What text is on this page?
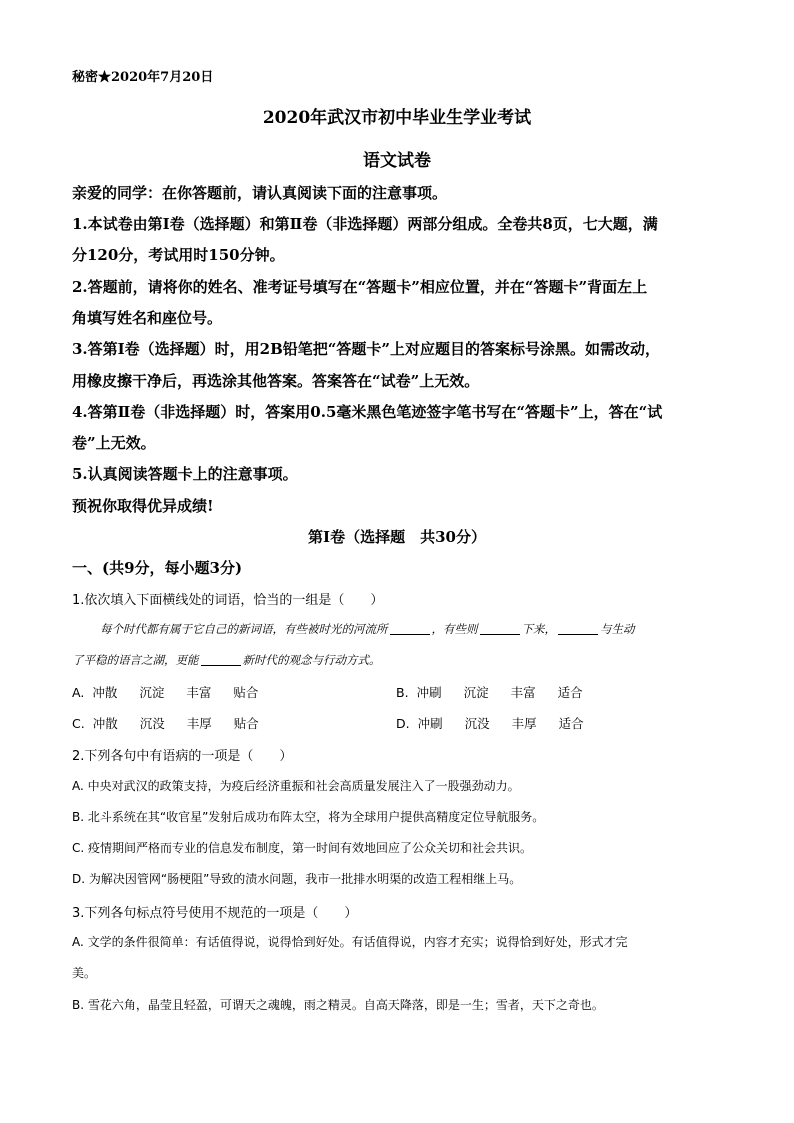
秘密★2020年7月20日
2020年武汉市初中毕业生学业考试
语文试卷
亲爱的同学：在你答题前，请认真阅读下面的注意事项。
1.本试卷由第Ⅰ卷（选择题）和第Ⅱ卷（非选择题）两部分组成。全卷共8页，七大题，满
分120分，考试用时150分钟。
2.答题前，请将你的姓名、准考证号填写在“答题卡”相应位置，并在“答题卡”背面左上
角填写姓名和座位号。
3.答第Ⅰ卷（选择题）时，用2B铅笔把“答题卡”上对应题目的答案标号涂黑。如需改动，
用橡皮擦干净后，再选涂其他答案。答案答在“试卷”上无效。
4.答第Ⅱ卷（非选择题）时，答案用0.5毫米黑色笔迹签字笔书写在“答题卡”上，答在“试
卷”上无效。
5.认真阅读答题卡上的注意事项。
预祝你取得优异成绩!
第Ⅰ卷（选择题　共30分）
一、(共9分，每小题3分)
1.依次填入下面横线处的词语，恰当的一组是（　　）
每个时代都有属于它自己的新词语，有些被时光的河流所	，有些则	下来，	与生动
了平稳的语言之湖，更能	新时代的观念与行动方式。
A. 冲散 沉淀 丰富 贴合	B. 冲刷 沉淀 丰富 适合
C. 冲散 沉没 丰厚 贴合	D. 冲刷 沉没 丰厚 适合
2.下列各句中有语病的一项是（　　）
A. 中央对武汉的政策支持，为疫后经济重振和社会高质量发展注入了一股强劲动力。
B. 北斗系统在其“收官星”发射后成功布阵太空，将为全球用户提供高精度定位导航服务。
C. 疫情期间严格而专业的信息发布制度，第一时间有效地回应了公众关切和社会共识。
D. 为解决因管网“肠梗阻”导致的渍水问题，我市一批排水明渠的改造工程相继上马。
3.下列各句标点符号使用不规范的一项是（　　）
A. 文学的条件很简单：有话值得说，说得恰到好处。有话值得说，内容才充实；说得恰到好处，形式才完
美。
B. 雪花六角，晶莹且轻盈，可谓天之魂魄，雨之精灵。自高天降落，即是一生；雪者，天下之奇也。
